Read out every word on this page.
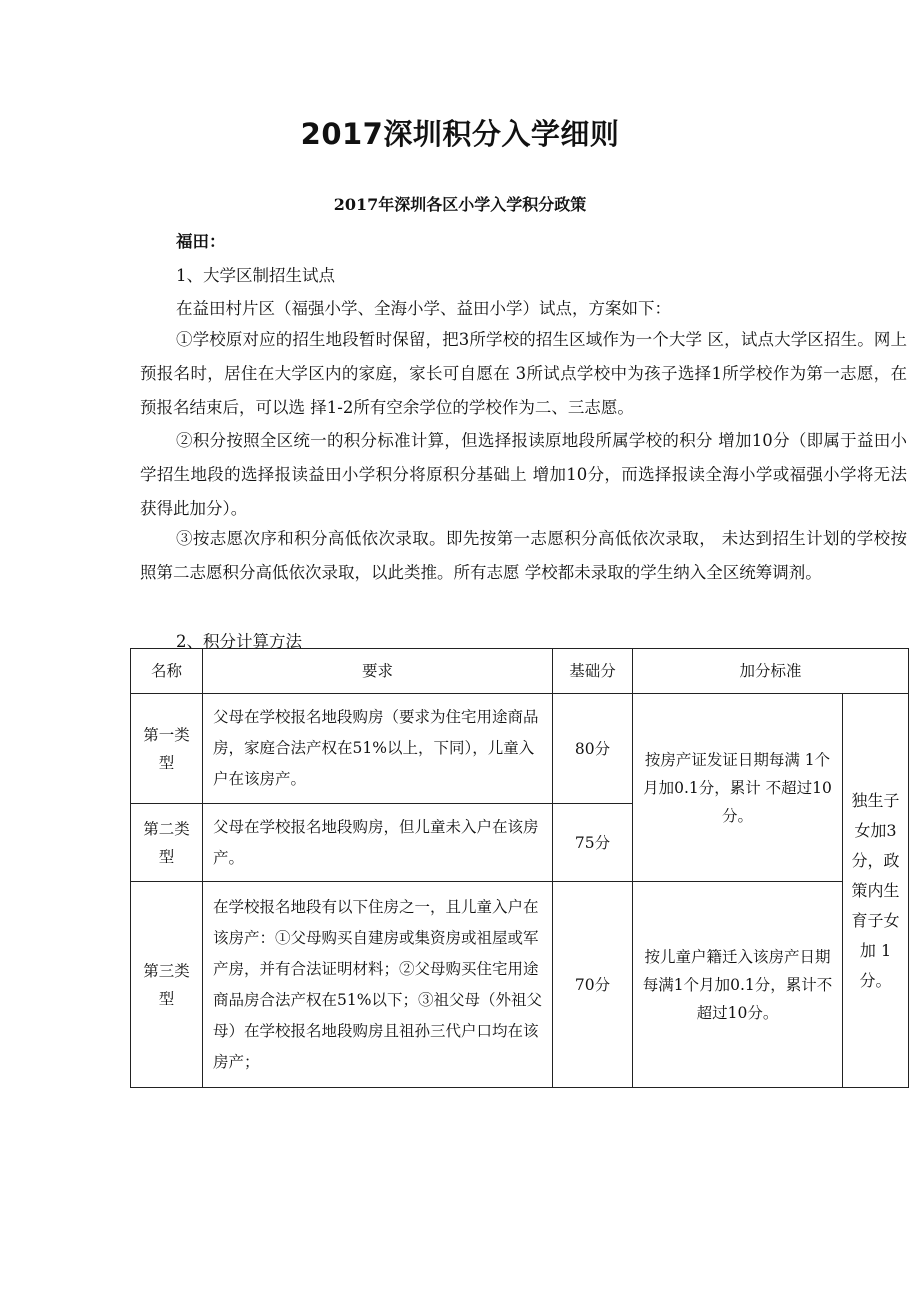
2017深圳积分入学细则
2017年深圳各区小学入学积分政策
福田：
1、大学区制招生试点
在益田村片区（福强小学、全海小学、益田小学）试点，方案如下：
①学校原对应的招生地段暂时保留，把3所学校的招生区域作为一个大学 区，试点大学区招生。网上预报名时，居住在大学区内的家庭，家长可自愿在 3所试点学校中为孩子选择1所学校作为第一志愿，在预报名结束后，可以选 择1-2所有空余学位的学校作为二、三志愿。
②积分按照全区统一的积分标准计算，但选择报读原地段所属学校的积分 增加10分（即属于益田小学招生地段的选择报读益田小学积分将原积分基础上 增加10分，而选择报读全海小学或福强小学将无法获得此加分）。
③按志愿次序和积分高低依次录取。即先按第一志愿积分高低依次录取， 未达到招生计划的学校按照第二志愿积分高低依次录取，以此类推。所有志愿 学校都未录取的学生纳入全区统筹调剂。
2、积分计算方法
名称	要求	基础分	加分标准	
第一类型	父母在学校报名地段购房（要求为住宅用途商品房，家庭合法产权在51%以上，下同），儿童入户在该房产。	80分	按房产证发证日期每满 1个月加0.1分，累计 不超过10分。	独生子女加3分，政策内生育子女加 1分。
第二类型	父母在学校报名地段购房，但儿童未入户在该房产。	75分		
第三类型	在学校报名地段有以下住房之一，且儿童入户在该房产：①父母购买自建房或集资房或祖屋或军产房，并有合法证明材料；②父母购买住宅用途商品房合法产权在51%以下；③祖父母（外祖父母）在学校报名地段购房且祖孙三代户口均在该房产；	70分	按儿童户籍迁入该房产日期每满1个月加0.1分，累计不超过10分。	
